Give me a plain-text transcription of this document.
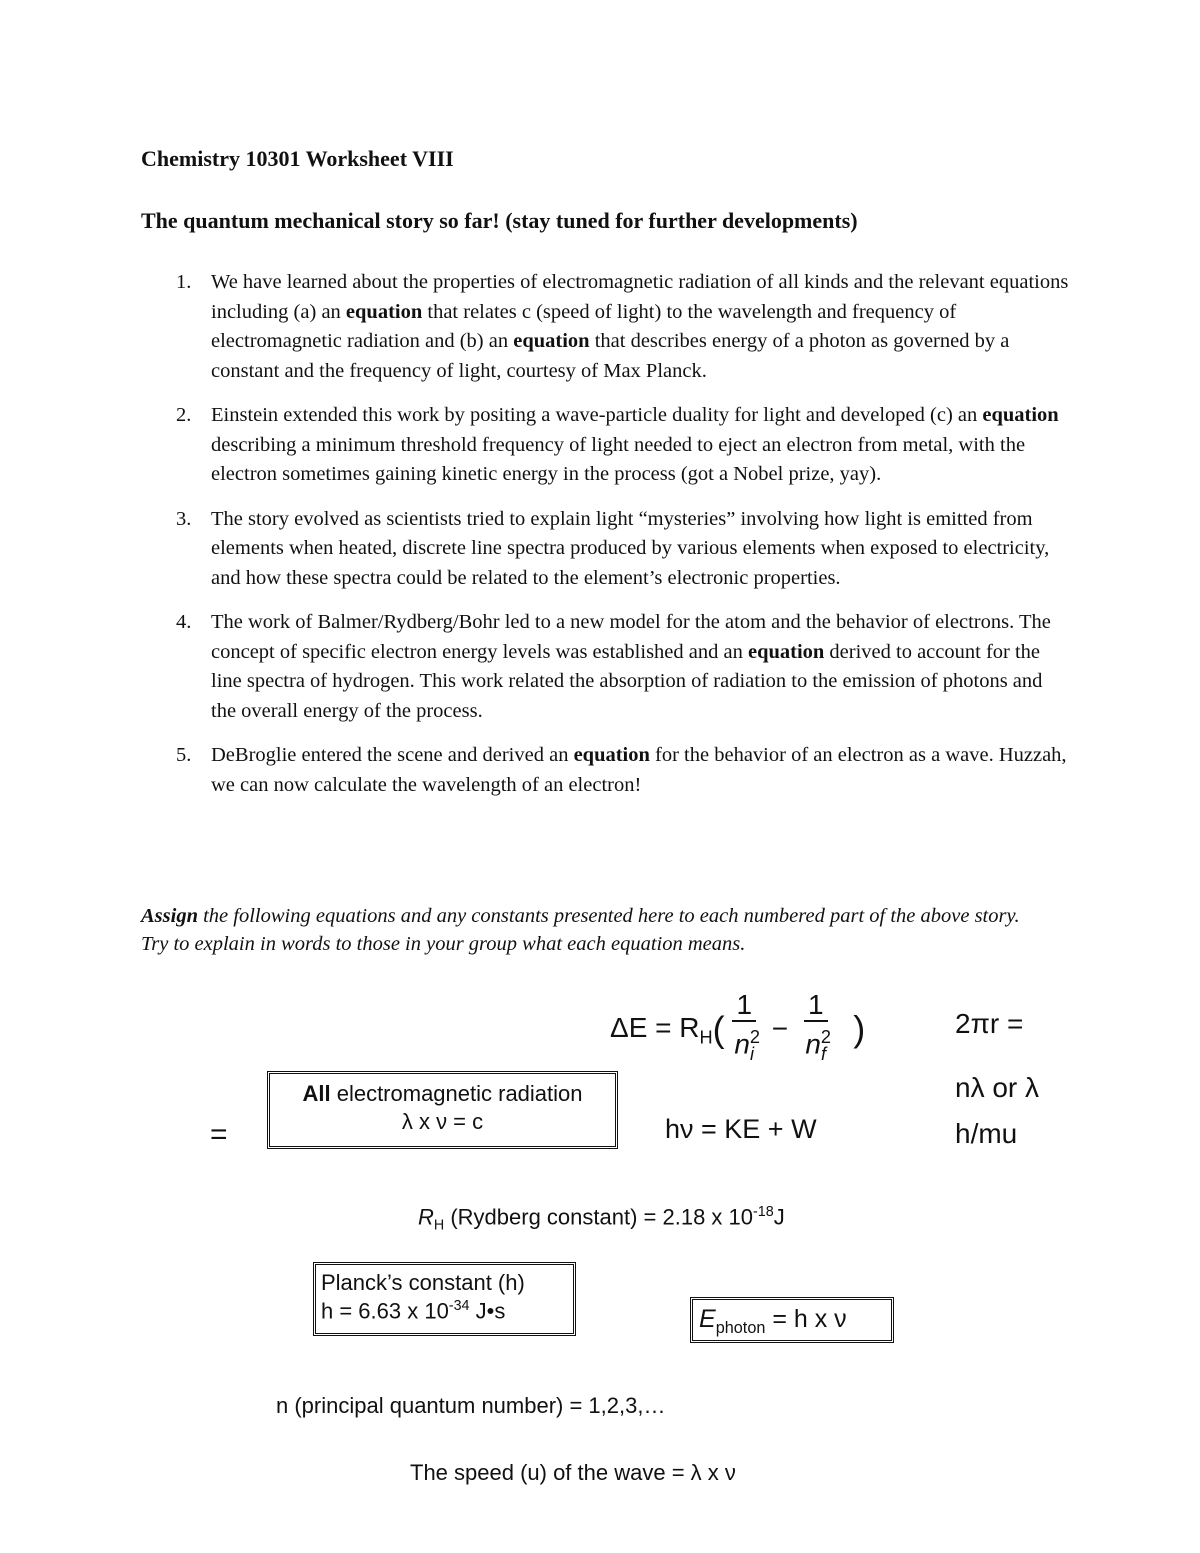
Chemistry 10301 Worksheet VIII
The quantum mechanical story so far! (stay tuned for further developments)
1. We have learned about the properties of electromagnetic radiation of all kinds and the relevant equations including (a) an equation that relates c (speed of light) to the wavelength and frequency of electromagnetic radiation and (b) an equation that describes energy of a photon as governed by a constant and the frequency of light, courtesy of Max Planck.
2. Einstein extended this work by positing a wave-particle duality for light and developed (c) an equation describing a minimum threshold frequency of light needed to eject an electron from metal, with the electron sometimes gaining kinetic energy in the process (got a Nobel prize, yay).
3. The story evolved as scientists tried to explain light “mysteries” involving how light is emitted from elements when heated, discrete line spectra produced by various elements when exposed to electricity, and how these spectra could be related to the element’s electronic properties.
4. The work of Balmer/Rydberg/Bohr led to a new model for the atom and the behavior of electrons. The concept of specific electron energy levels was established and an equation derived to account for the line spectra of hydrogen. This work related the absorption of radiation to the emission of photons and the overall energy of the process.
5. DeBroglie entered the scene and derived an equation for the behavior of an electron as a wave. Huzzah, we can now calculate the wavelength of an electron!
Assign the following equations and any constants presented here to each numbered part of the above story. Try to explain in words to those in your group what each equation means.
$\Delta E = R_H( \frac{1}{n^2_i} - \frac{1}{n^2_f}$ )	2πr =
nλ or λ
h/mu
=
All electromagnetic radiation
λ x ν = c	hν = KE + W
$R_H$ (Rydberg constant) = 2.18 x $10^{-18}J$
Planck’s constant (h)
h = 6.63 x $10^{-34}$ J•s	$E_{photon} = h$ x ν
n (principal quantum number) = 1,2,3,…
The speed (u) of the wave = λ x ν
